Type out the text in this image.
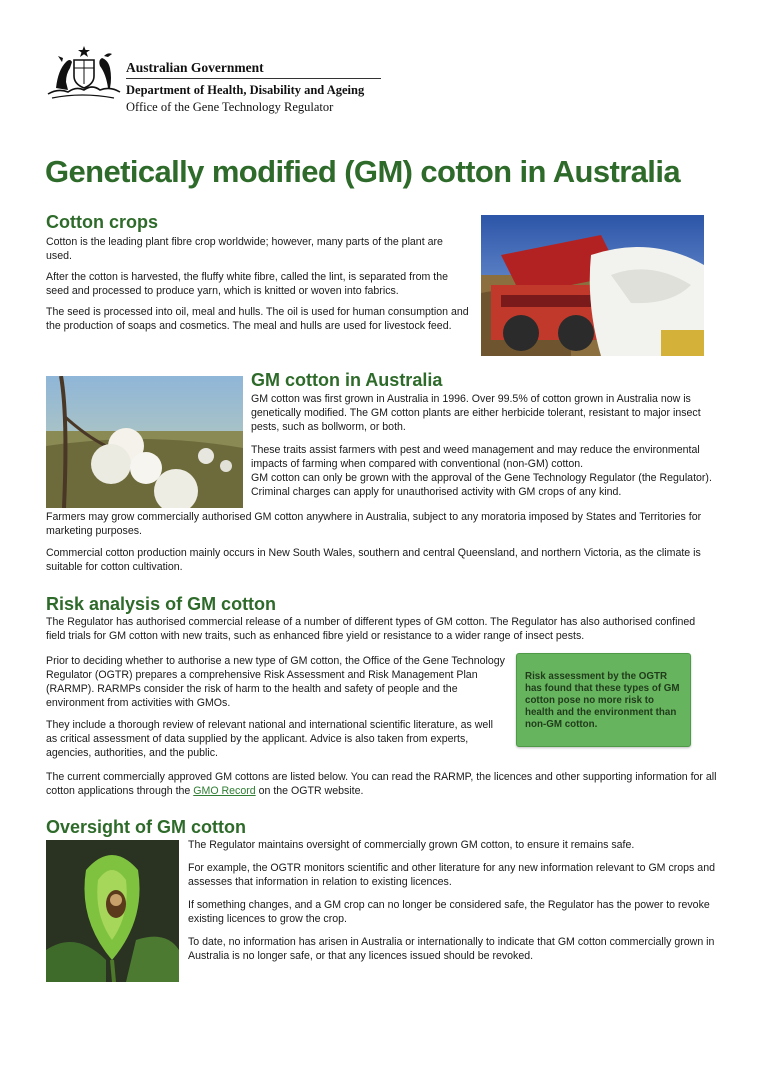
Australian Government
Department of Health, Disability and Ageing
Office of the Gene Technology Regulator
Genetically modified (GM) cotton in Australia
Cotton crops

Cotton is the leading plant fibre crop worldwide; however, many parts of the plant are used.

After the cotton is harvested, the fluffy white fibre, called the lint, is separated from the seed and processed to produce yarn, which is knitted or woven into fabrics.

The seed is processed into oil, meal and hulls. The oil is used for human consumption and the production of soaps and cosmetics. The meal and hulls are used for livestock feed.

GM cotton in Australia

GM cotton was first grown in Australia in 1996. Over 99.5% of cotton grown in Australia now is genetically modified. The GM cotton plants are either herbicide tolerant, resistant to major insect pests, such as bollworm, or both.

These traits assist farmers with pest and weed management and may reduce the environmental impacts of farming when compared with conventional (non-GM) cotton.

GM cotton can only be grown with the approval of the Gene Technology Regulator (the Regulator). Criminal charges can apply for unauthorised activity with GM crops of any kind.

Farmers may grow commercially authorised GM cotton anywhere in Australia, subject to any moratoria imposed by States and Territories for marketing purposes.

Commercial cotton production mainly occurs in New South Wales, southern and central Queensland, and northern Victoria, as the climate is suitable for cotton cultivation.

Risk analysis of GM cotton

The Regulator has authorised commercial release of a number of different types of GM cotton. The Regulator has also authorised confined field trials for GM cotton with new traits, such as enhanced fibre yield or resistance to a wider range of insect pests.

Prior to deciding whether to authorise a new type of GM cotton, the Office of the Gene Technology Regulator (OGTR) prepares a comprehensive Risk Assessment and Risk Management Plan (RARMP). RARMPs consider the risk of harm to the health and safety of people and the environment from activities with GMOs.

They include a thorough review of relevant national and international scientific literature, as well as critical assessment of data supplied by the applicant. Advice is also taken from experts, agencies, authorities, and the public.

Risk assessment by the OGTR has found that these types of GM cotton pose no more risk to health and the environment than non-GM cotton.

The current commercially approved GM cottons are listed below. You can read the RARMP, the licences and other supporting information for all cotton applications through the GMO Record on the OGTR website.

Oversight of GM cotton

The Regulator maintains oversight of commercially grown GM cotton, to ensure it remains safe.

For example, the OGTR monitors scientific and other literature for any new information relevant to GM crops and assesses that information in relation to existing licences.

If something changes, and a GM crop can no longer be considered safe, the Regulator has the power to revoke existing licences to grow the crop.

To date, no information has arisen in Australia or internationally to indicate that GM cotton commercially grown in Australia is no longer safe, or that any licences issued should be revoked.
